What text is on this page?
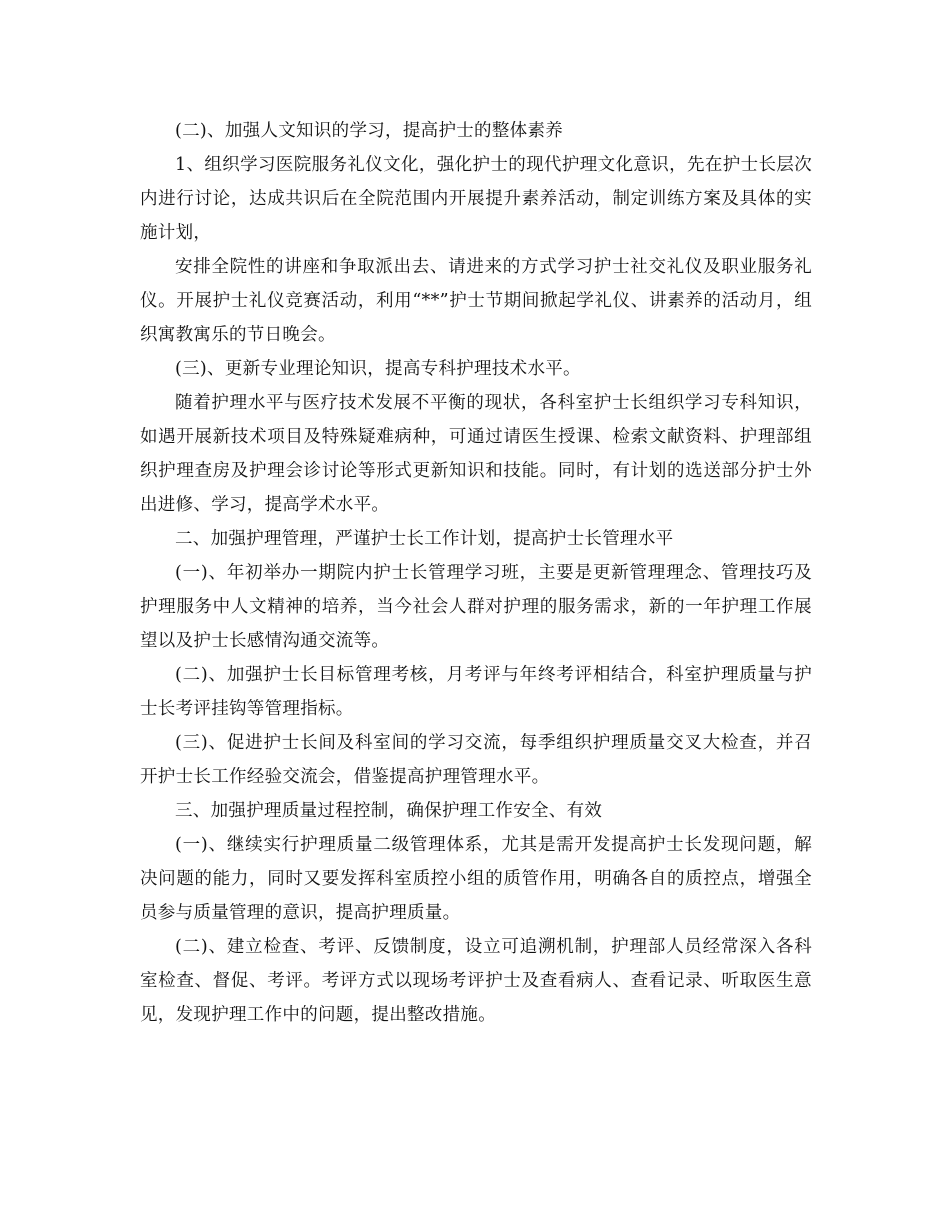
(二)、加强人文知识的学习，提高护士的整体素养

1、组织学习医院服务礼仪文化，强化护士的现代护理文化意识，先在护士长层次内进行讨论，达成共识后在全院范围内开展提升素养活动，制定训练方案及具体的实施计划，

安排全院性的讲座和争取派出去、请进来的方式学习护士社交礼仪及职业服务礼仪。开展护士礼仪竞赛活动，利用“**”护士节期间掀起学礼仪、讲素养的活动月，组织寓教寓乐的节日晚会。

(三)、更新专业理论知识，提高专科护理技术水平。

随着护理水平与医疗技术发展不平衡的现状，各科室护士长组织学习专科知识，如遇开展新技术项目及特殊疑难病种，可通过请医生授课、检索文献资料、护理部组织护理查房及护理会诊讨论等形式更新知识和技能。同时，有计划的选送部分护士外出进修、学习，提高学术水平。

二、加强护理管理，严谨护士长工作计划，提高护士长管理水平

(一)、年初举办一期院内护士长管理学习班，主要是更新管理理念、管理技巧及护理服务中人文精神的培养，当今社会人群对护理的服务需求，新的一年护理工作展望以及护士长感情沟通交流等。

(二)、加强护士长目标管理考核，月考评与年终考评相结合，科室护理质量与护士长考评挂钩等管理指标。

(三)、促进护士长间及科室间的学习交流，每季组织护理质量交叉大检查，并召开护士长工作经验交流会，借鉴提高护理管理水平。

三、加强护理质量过程控制，确保护理工作安全、有效

(一)、继续实行护理质量二级管理体系，尤其是需开发提高护士长发现问题，解决问题的能力，同时又要发挥科室质控小组的质管作用，明确各自的质控点，增强全员参与质量管理的意识，提高护理质量。

(二)、建立检查、考评、反馈制度，设立可追溯机制，护理部人员经常深入各科室检查、督促、考评。考评方式以现场考评护士及查看病人、查看记录、听取医生意见，发现护理工作中的问题，提出整改措施。
